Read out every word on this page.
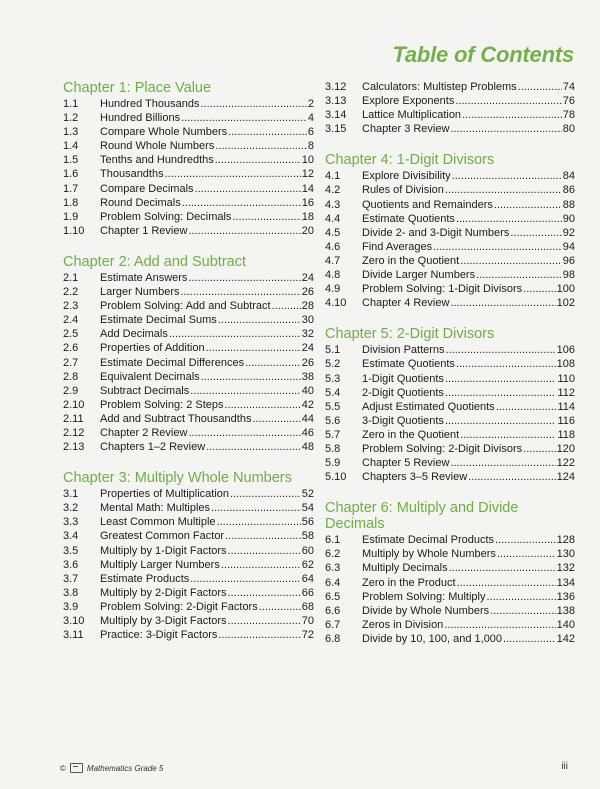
Table of Contents
Chapter 1: Place Value
1.1	Hundred Thousands .....	2
1.2	Hundred Billions .....	4
1.3	Compare Whole Numbers .....	6
1.4	Round Whole Numbers .....	8
1.5	Tenths and Hundredths .....	10
1.6	Thousandths .....	12
1.7	Compare Decimals .....	14
1.8	Round Decimals .....	16
1.9	Problem Solving: Decimals .....	18
1.10	Chapter 1 Review .....	20
Chapter 2: Add and Subtract
2.1	Estimate Answers .....	24
2.2	Larger Numbers .....	26
2.3	Problem Solving: Add and Subtract .....	28
2.4	Estimate Decimal Sums .....	30
2.5	Add Decimals .....	32
2.6	Properties of Addition .....	24
2.7	Estimate Decimal Differences .....	26
2.8	Equivalent Decimals .....	38
2.9	Subtract Decimals .....	40
2.10	Problem Solving: 2 Steps .....	42
2.11	Add and Subtract Thousandths .....	44
2.12	Chapter 2 Review .....	46
2.13	Chapters 1–2 Review .....	48
Chapter 3: Multiply Whole Numbers
3.1	Properties of Multiplication .....	52
3.2	Mental Math: Multiples .....	54
3.3	Least Common Multiple .....	56
3.4	Greatest Common Factor .....	58
3.5	Multiply by 1-Digit Factors .....	60
3.6	Multiply Larger Numbers .....	62
3.7	Estimate Products .....	64
3.8	Multiply by 2-Digit Factors .....	66
3.9	Problem Solving: 2-Digit Factors .....	68
3.10	Multiply by 3-Digit Factors .....	70
3.11	Practice: 3-Digit Factors .....	72
3.12	Calculators: Multistep Problems .....	74
3.13	Explore Exponents .....	76
3.14	Lattice Multiplication .....	78
3.15	Chapter 3 Review .....	80
Chapter 4: 1-Digit Divisors
4.1	Explore Divisibility .....	84
4.2	Rules of Division .....	86
4.3	Quotients and Remainders .....	88
4.4	Estimate Quotients .....	90
4.5	Divide 2- and 3-Digit Numbers .....	92
4.6	Find Averages .....	94
4.7	Zero in the Quotient .....	96
4.8	Divide Larger Numbers .....	98
4.9	Problem Solving: 1-Digit Divisors .....	100
4.10	Chapter 4 Review .....	102
Chapter 5: 2-Digit Divisors
5.1	Division Patterns .....	106
5.2	Estimate Quotients .....	108
5.3	1-Digit Quotients .....	110
5.4	2-Digit Quotients .....	112
5.5	Adjust Estimated Quotients .....	114
5.6	3-Digit Quotients .....	116
5.7	Zero in the Quotient .....	118
5.8	Problem Solving: 2-Digit Divisors .....	120
5.9	Chapter 5 Review .....	122
5.10	Chapters 3–5 Review .....	124
Chapter 6: Multiply and Divide Decimals
6.1	Estimate Decimal Products .....	128
6.2	Multiply by Whole Numbers .....	130
6.3	Multiply Decimals .....	132
6.4	Zero in the Product .....	134
6.5	Problem Solving: Multiply .....	136
6.6	Divide by Whole Numbers .....	138
6.7	Zeros in Division .....	140
6.8	Divide by 10, 100, and 1,000 .....	142
©	Mathematics Grade 5	iii
